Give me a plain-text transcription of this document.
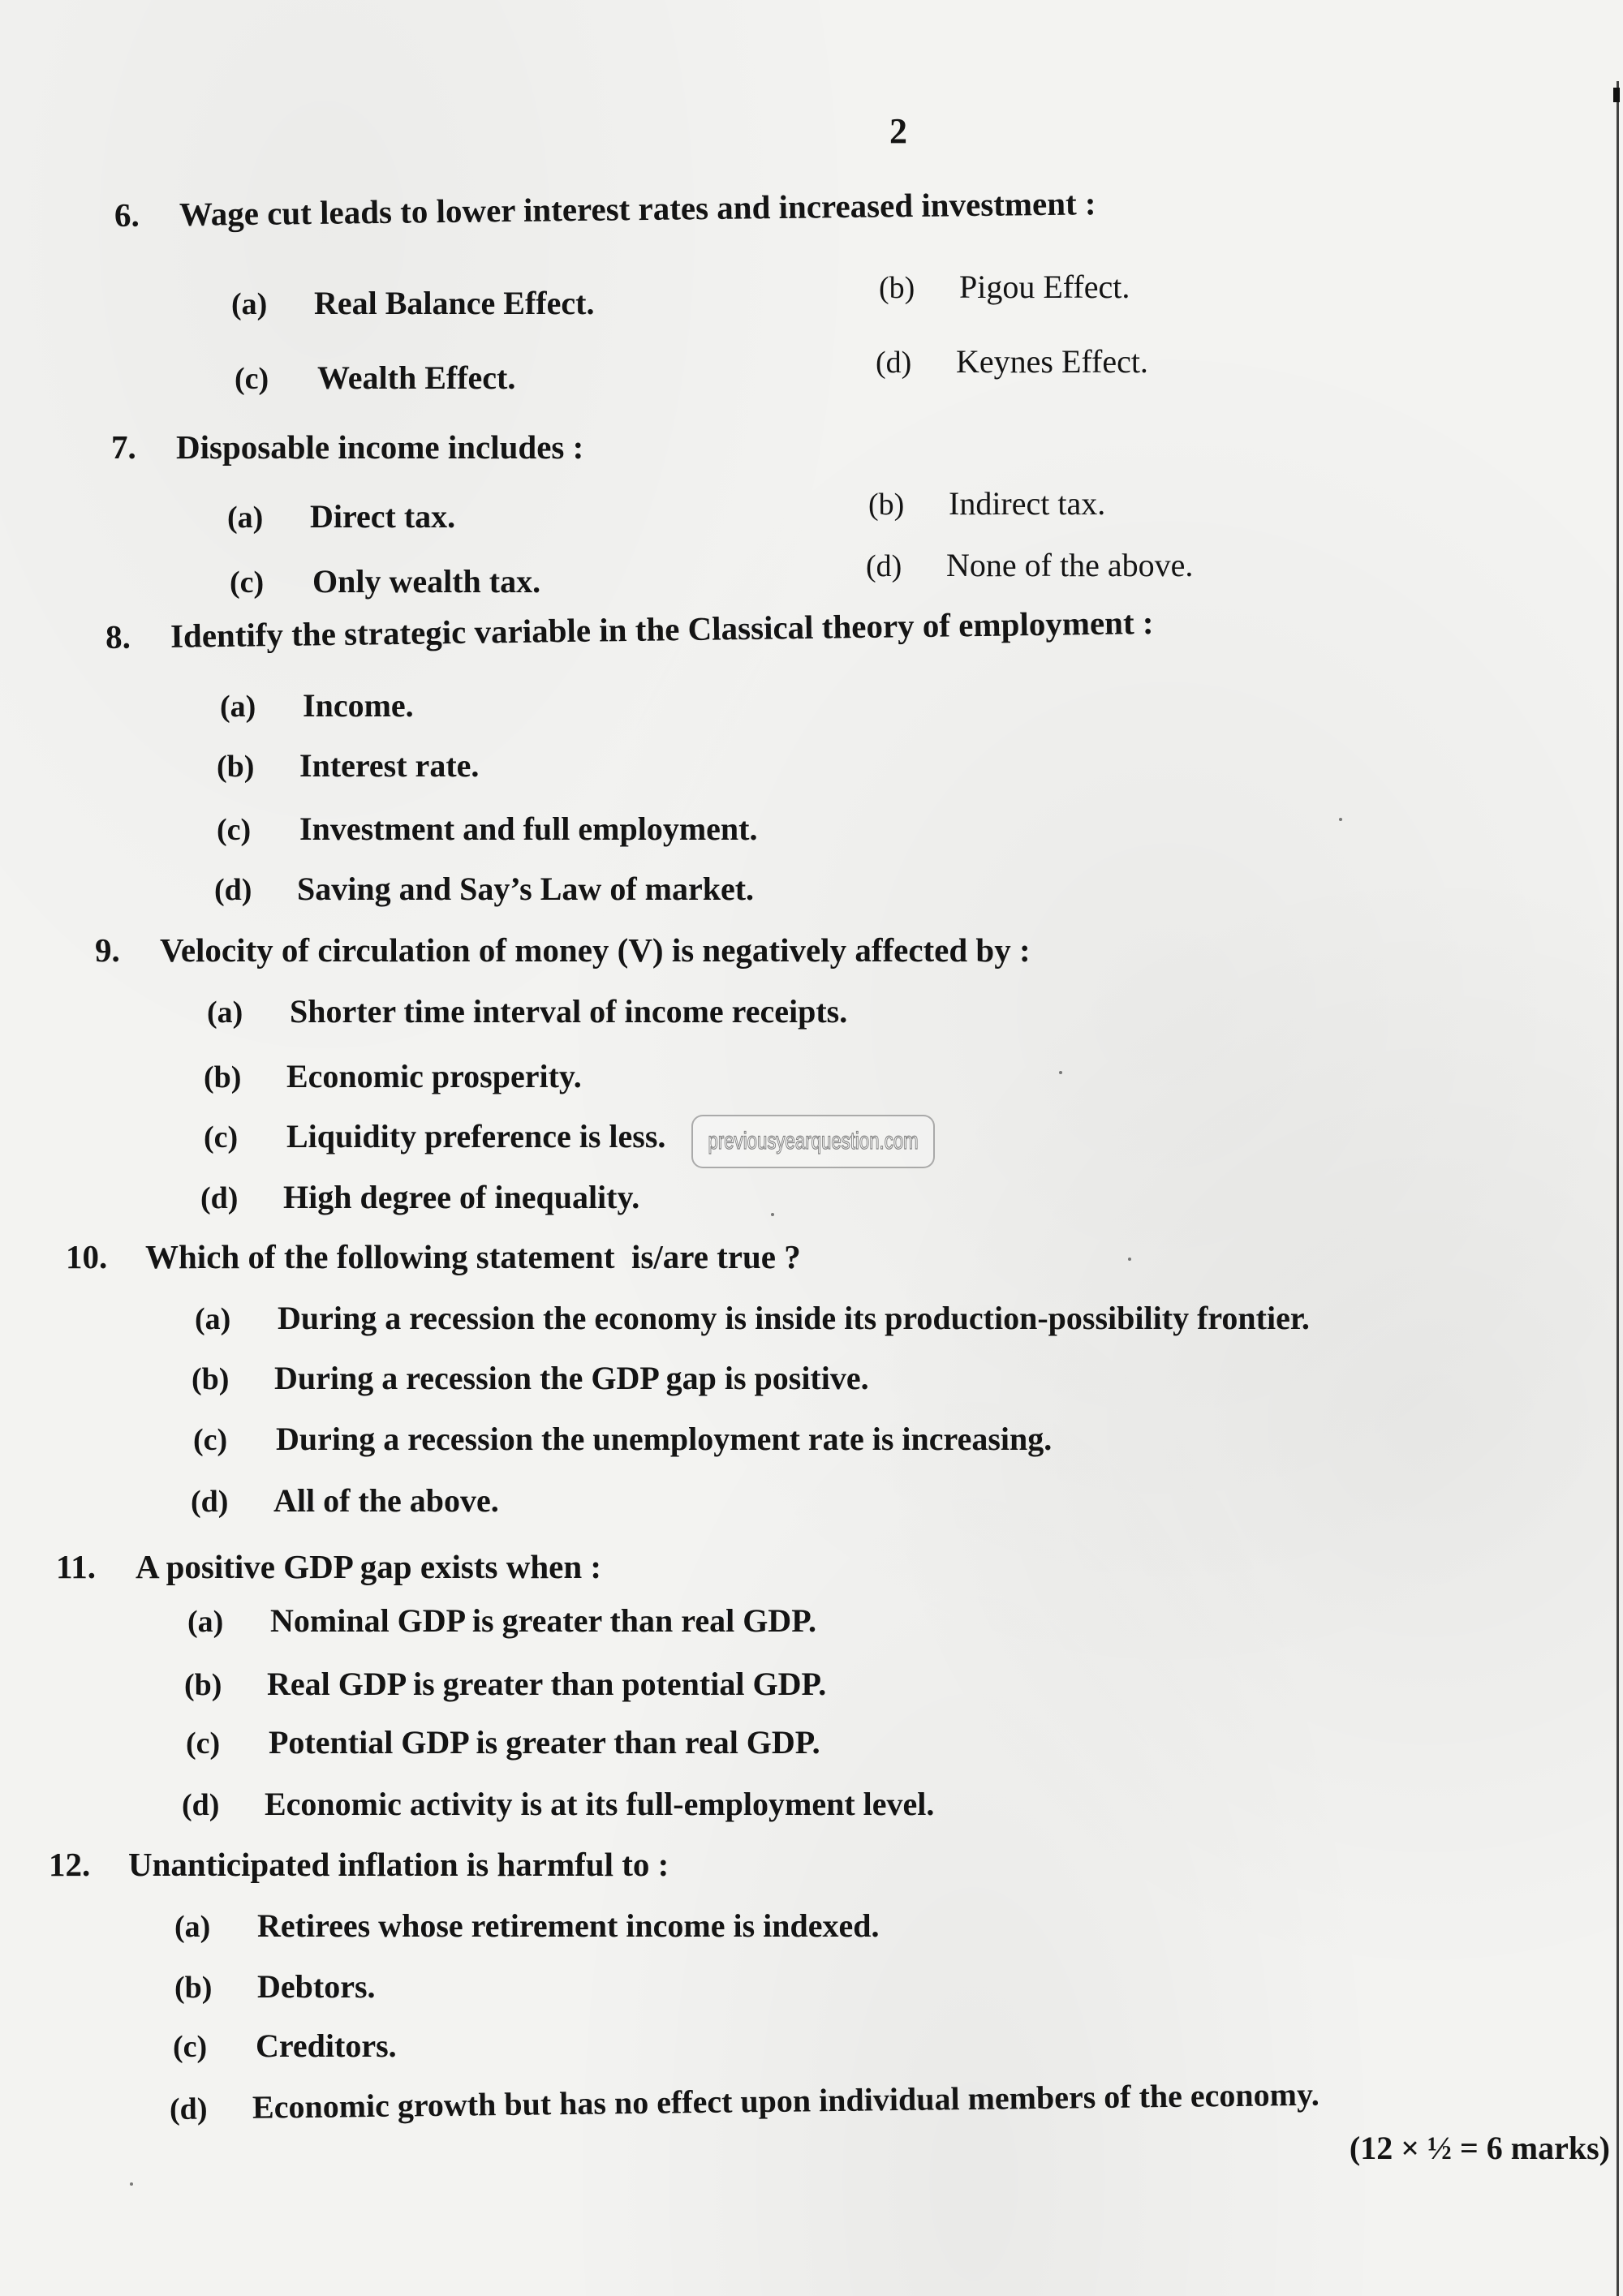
2
6. Wage cut leads to lower interest rates and increased investment :
(a) Real Balance Effect.	(b) Pigou Effect.
(c) Wealth Effect.	(d) Keynes Effect.
7. Disposable income includes :
(a) Direct tax.	(b) Indirect tax.
(c) Only wealth tax.	(d) None of the above.
8. Identify the strategic variable in the Classical theory of employment :
(a) Income.
(b) Interest rate.
(c) Investment and full employment.
(d) Saving and Say’s Law of market.
9. Velocity of circulation of money (V) is negatively affected by :
(a) Shorter time interval of income receipts.
(b) Economic prosperity.
(c) Liquidity preference is less.
(d) High degree of inequality.
previousyearquestion.com
10. Which of the following statement  is/are true ?
(a) During a recession the economy is inside its production-possibility frontier.
(b) During a recession the GDP gap is positive.
(c) During a recession the unemployment rate is increasing.
(d) All of the above.
11. A positive GDP gap exists when :
(a) Nominal GDP is greater than real GDP.
(b) Real GDP is greater than potential GDP.
(c) Potential GDP is greater than real GDP.
(d) Economic activity is at its full-employment level.
12. Unanticipated inflation is harmful to :
(a) Retirees whose retirement income is indexed.
(b) Debtors.
(c) Creditors.
(d) Economic growth but has no effect upon individual members of the economy.
(12 × ½ = 6 marks)
